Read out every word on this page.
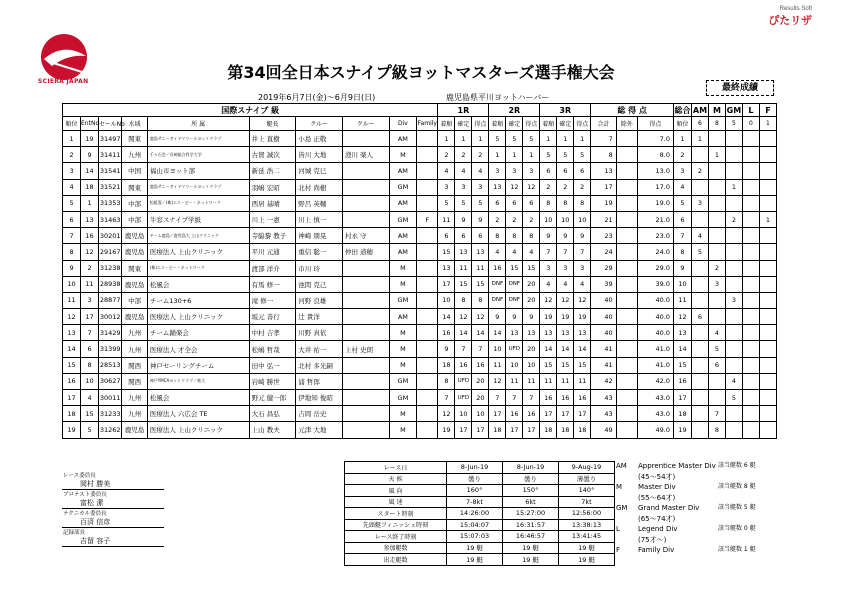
SCIERA JAPAN
Results Soft
ぴたリザ
第34回全日本スナイプ級ヨットマスターズ選手権大会
最終成績
2019年6月7日(金)～6月9日(日)	鹿児島県平川ヨットハーバー
国際スナイプ 級										1R			2R			3R			総 得 点			総合	AM	M	GM	L	F
順位	EntNo	セールNo	水域	所 属	艇長	クルー	クルー	Div	Family	着順	確定	得点	着順	確定	得点	着順	確定	得点	合計	除外	得点	順位	6	8	5	0	1
1	19	31497	関東	鹿島サニーサイドマリーナヨットクラブ	井上 直樹	小島 正敬		AM		1	1	1	5	5	5	1	1	1	7		7.0	1	1				
2	9	31411	九州	千々石会／長崎総合科学大学	古賀 誠次	皆川 大地	澄川 楽人	M		2	2	2	1	1	1	5	5	5	8		8.0	2		1			
3	14	31541	中国	福山市ヨット部	新延 浩二	河城 克巳		AM		4	4	4	3	3	3	6	6	6	13		13.0	3	2				
4	18	31521	関東	鹿島サニーサイドマリーナヨットクラブ	羽嶋 宏昭	北村 尚樹		GM		3	3	3	13	12	12	2	2	2	17		17.0	4			1		
5	1	31353	中部	松阪霊／(株)エス・ビー・ネットワーク	西居 基晴	野呂 英輔		AM		5	5	5	6	6	6	8	8	8	19		19.0	5	3				
6	13	31463	中部	牛窓スナイプ学級	川上 一憲	川上 慎一		GM	F	11	9	9	2	2	2	10	10	10	21		21.0	6			2		1
7	16	30201	鹿児島	チーム鹿島／鹿児島大 上山クリニック	寺脇黎 教子	神崎 朋晃	村永 守	AM		6	6	6	8	8	8	9	9	9	23		23.0	7	4				
8	12	29167	鹿児島	医療法人 上山クリニック	平川 元通	重信 聡一	仲田 道穂	AM		15	13	13	4	4	4	7	7	7	24		24.0	8	5				
9	2	31238	関東	(株)エス・ビー・ネットワーク	渡部 洋介	市川 玲		M		13	11	11	16	15	15	3	3	3	29		29.0	9		2			
10	11	28938	鹿児島	松風会	有馬 修一	池間 克己		M		17	15	15	DNF	DNF	20	4	4	4	39		39.0	10		3			
11	3	28877	中部	チーム130+6	滝 修一	河野 良雄		GM		10	8	8	DNF	DNF	20	12	12	12	40		40.0	11			3		
12	17	30012	鹿児島	医療法人 上山クリニック	坂元 善行	辻 貴洋		AM		14	12	12	9	9	9	19	19	19	40		40.0	12	6				
13	7	31429	九州	チーム踊楽会	中村 吉孝	川野 真依		M		16	14	14	14	13	13	13	13	13	40		40.0	13		4			
14	6	31399	九州	医療法人 才全会	松嶋 哲哉	大井 祐一	上村 史朗	M		9	7	7	10	UFD	20	14	14	14	41		41.0	14		5			
15	8	28513	関西	神戸セーリングチーム	田中 弘一	北村 多光嗣		M		18	16	16	11	10	10	15	15	15	41		41.0	15		6			
16	10	30627	関西	神戸YMCAヨットクラブ／進大	岩崎 勝世	浦 哲郎		GM		8	UFD	20	12	11	11	11	11	11	42		42.0	16			4		
17	4	30011	九州	松風会	野元 健一郎	伊地知 俊昭		GM		7	UFD	20	7	7	7	16	16	16	43		43.0	17			5		
18	15	31233	九州	医療法人 六広会 TE	大石 昌弘	吉岡 岳史		M		12	10	10	17	16	16	17	17	17	43		43.0	18		7			
19	5	31262	鹿児島	医療法人 上山クリニック	上山 教夫	元津 大地		M		19	17	17	18	17	17	18	18	18	49		49.0	19		8			
レース委員長
岡村 勝美
プロテスト委員長
富松 潔
テクニカル委員長
百済 信彦
記録部長
吉留 容子
レース日	8-Jun-19	8-Jun-19	9-Aug-19
天 候	曇り	曇り	薄曇り
風 向	160°	150°	140°
風 速	7-8kt	6kt	7kt
スタート時刻	14:26:00	15:27:00	12:56:00
先頭艇フィニッシュ時刻	15:04:07	16:31:57	13:38:13
レース終了時刻	15:07:03	16:46:57	13:41:45
参加艇数	19 艇	19 艇	19 艇
出走艇数	19 艇	19 艇	19 艇
AM	Apprentice Master Div 該当艇数 6 艇
(45～54才)
M	Master Div	該当艇数 8 艇
(55～64才)
GM	Grand Master Div	該当艇数 5 艇
(65～74才)
L	Legend Div	該当艇数 0 艇
(75才～)
F	Family Div	該当艇数 1 艇
